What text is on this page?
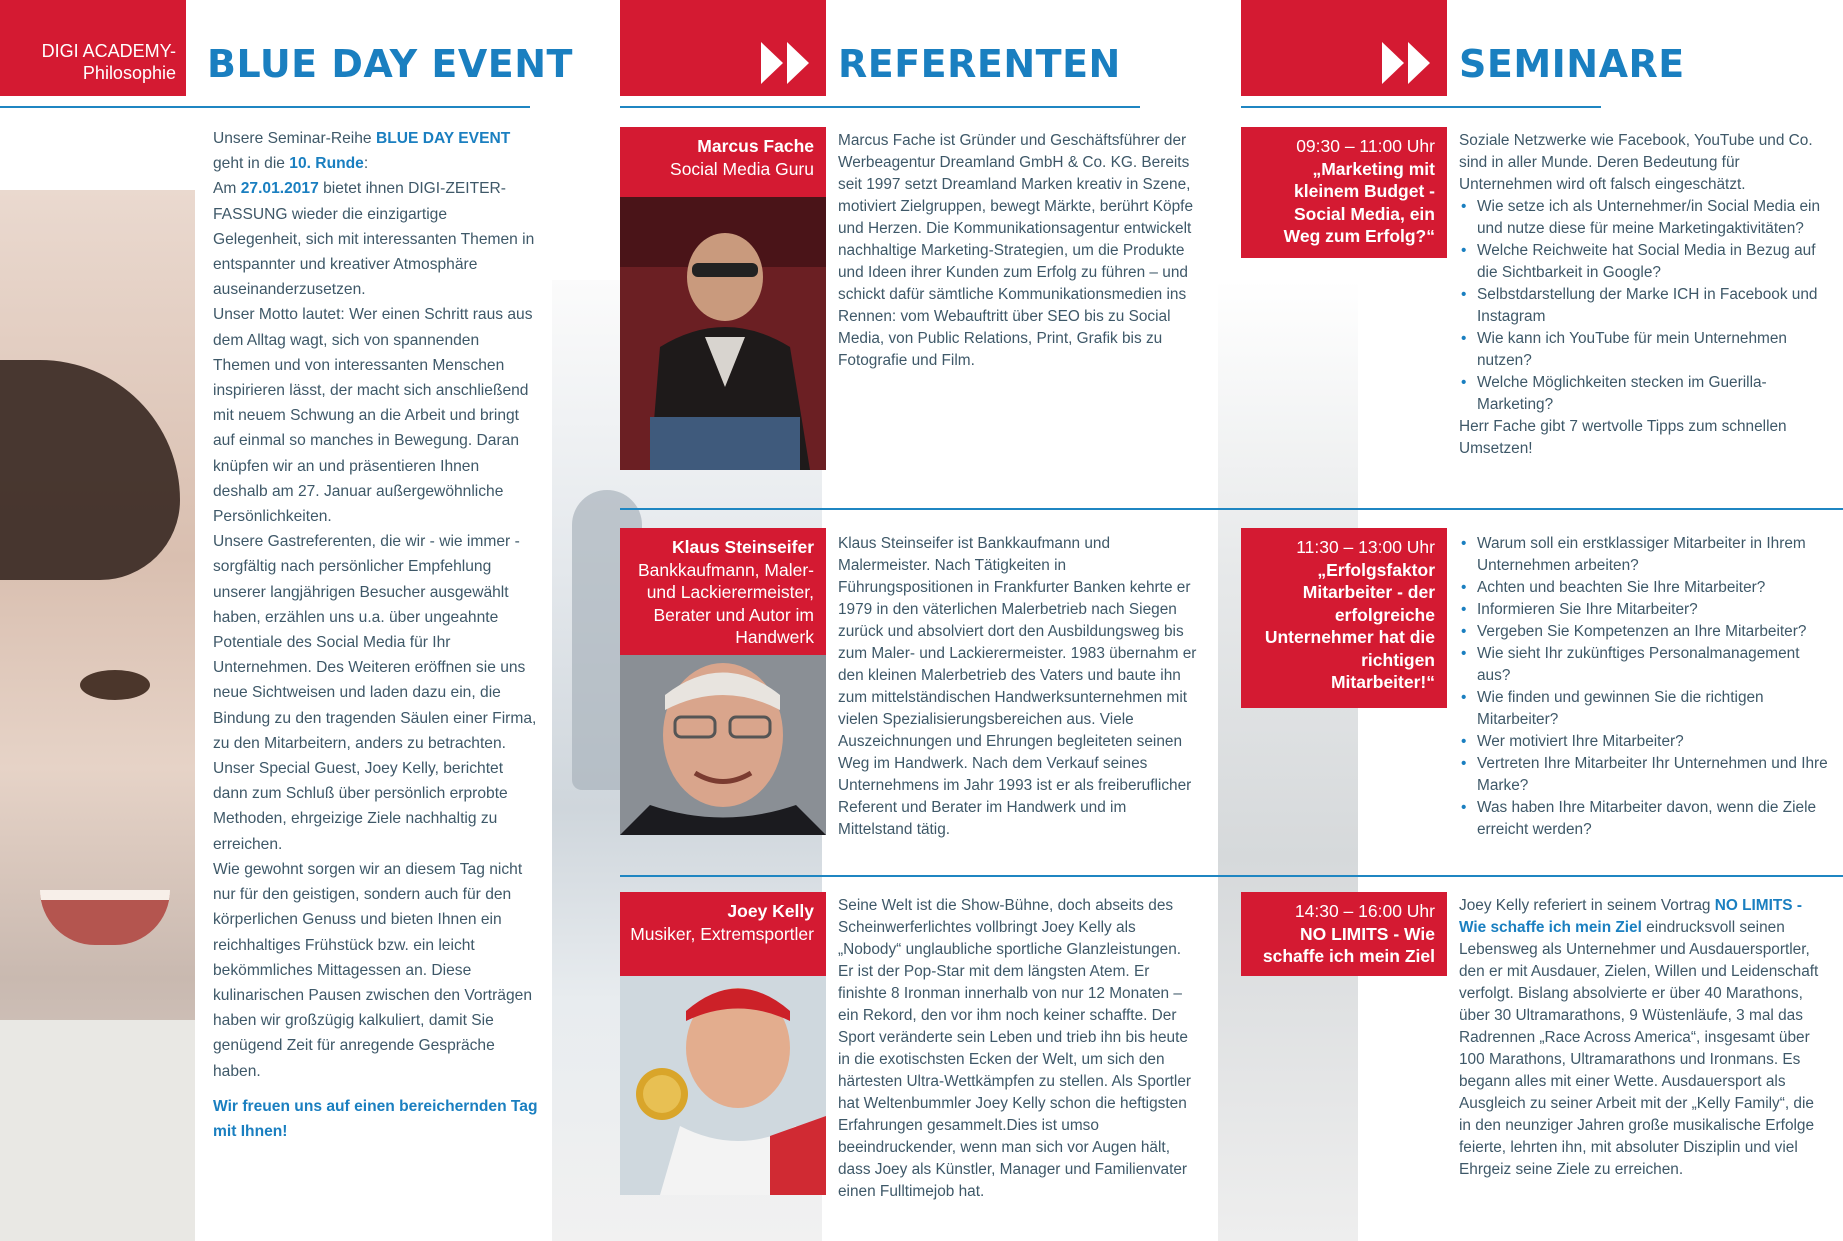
DIGI ACADEMY-
Philosophie BLUE DAY EVENT
Unsere Seminar-Reihe BLUE DAY EVENT geht in die 10. Runde:
Am 27.01.2017 bietet ihnen DIGI-ZEITER-FASSUNG wieder die einzigartige Gelegenheit, sich mit interessanten Themen in entspannter und kreativer Atmosphäre auseinanderzusetzen.
Unser Motto lautet: Wer einen Schritt raus aus dem Alltag wagt, sich von spannenden Themen und von interessanten Menschen inspirieren lässt, der macht sich anschließend mit neuem Schwung an die Arbeit und bringt auf einmal so manches in Bewegung. Daran knüpfen wir an und präsentieren Ihnen deshalb am 27. Januar außergewöhnliche Persönlichkeiten.
Unsere Gastreferenten, die wir - wie immer - sorgfältig nach persönlicher Empfehlung unserer langjährigen Besucher ausgewählt haben, erzählen uns u.a. über ungeahnte Potentiale des Social Media für Ihr Unternehmen. Des Weiteren eröffnen sie uns neue Sichtweisen und laden dazu ein, die Bindung zu den tragenden Säulen einer Firma, zu den Mitarbeitern, anders zu betrachten. Unser Special Guest, Joey Kelly, berichtet dann zum Schluß über persönlich erprobte Methoden, ehrgeizige Ziele nachhaltig zu erreichen.
Wie gewohnt sorgen wir an diesem Tag nicht nur für den geistigen, sondern auch für den körperlichen Genuss und bieten Ihnen ein reichhaltiges Frühstück bzw. ein leicht bekömmliches Mittagessen an. Diese kulinarischen Pausen zwischen den Vorträgen haben wir großzügig kalkuliert, damit Sie genügend Zeit für anregende Gespräche haben.
Wir freuen uns auf einen bereichernden Tag mit Ihnen!
REFERENTEN
Marcus Fache
Social Media Guru
Marcus Fache ist Gründer und Geschäftsführer der Werbeagentur Dreamland GmbH & Co. KG. Bereits seit 1997 setzt Dreamland Marken kreativ in Szene, motiviert Zielgruppen, bewegt Märkte, berührt Köpfe und Herzen. Die Kommunikationsagentur entwickelt nachhaltige Marketing-Strategien, um die Produkte und Ideen ihrer Kunden zum Erfolg zu führen – und schickt dafür sämtliche Kommunikationsmedien ins Rennen: vom Webauftritt über SEO bis zu Social Media, von Public Relations, Print, Grafik bis zu Fotografie und Film.
Klaus Steinseifer
Bankkaufmann, Maler- und Lackierermeister, Berater und Autor im Handwerk
Klaus Steinseifer ist Bankkaufmann und Malermeister. Nach Tätigkeiten in Führungspositionen in Frankfurter Banken kehrte er 1979 in den väterlichen Malerbetrieb nach Siegen zurück und absolviert dort den Ausbildungsweg bis zum Maler- und Lackierermeister. 1983 übernahm er den kleinen Malerbetrieb des Vaters und baute ihn zum mittelständischen Handwerksunternehmen mit vielen Spezialisierungsbereichen aus. Viele Auszeichnungen und Ehrungen begleiteten seinen Weg im Handwerk. Nach dem Verkauf seines Unternehmens im Jahr 1993 ist er als freiberuflicher Referent und Berater im Handwerk und im Mittelstand tätig.
Joey Kelly
Musiker, Extremsportler
Seine Welt ist die Show-Bühne, doch abseits des Scheinwerferlichtes vollbringt Joey Kelly als „Nobody“ unglaubliche sportliche Glanzleistungen. Er ist der Pop-Star mit dem längsten Atem. Er finishte 8 Ironman innerhalb von nur 12 Monaten – ein Rekord, den vor ihm noch keiner schaffte. Der Sport veränderte sein Leben und trieb ihn bis heute in die exotischsten Ecken der Welt, um sich den härtesten Ultra-Wettkämpfen zu stellen. Als Sportler hat Weltenbummler Joey Kelly schon die heftigsten Erfahrungen gesammelt.Dies ist umso beeindruckender, wenn man sich vor Augen hält, dass Joey als Künstler, Manager und Familienvater einen Fulltimejob hat.
SEMINARE
09:30 – 11:00 Uhr
„Marketing mit kleinem Budget - Social Media, ein Weg zum Erfolg?“
Soziale Netzwerke wie Facebook, YouTube und Co. sind in aller Munde. Deren Bedeutung für Unternehmen wird oft falsch eingeschätzt.
• Wie setze ich als Unternehmer/in Social Media ein und nutze diese für meine Marketingaktivitäten?
• Welche Reichweite hat Social Media in Bezug auf die Sichtbarkeit in Google?
• Selbstdarstellung der Marke ICH in Facebook und Instagram
• Wie kann ich YouTube für mein Unternehmen nutzen?
• Welche Möglichkeiten stecken im Guerilla-Marketing?
Herr Fache gibt 7 wertvolle Tipps zum schnellen Umsetzen!
11:30 – 13:00 Uhr
„Erfolgsfaktor Mitarbeiter - der erfolgreiche Unternehmer hat die richtigen Mitarbeiter!“
• Warum soll ein erstklassiger Mitarbeiter in Ihrem Unternehmen arbeiten?
• Achten und beachten Sie Ihre Mitarbeiter?
• Informieren Sie Ihre Mitarbeiter?
• Vergeben Sie Kompetenzen an Ihre Mitarbeiter?
• Wie sieht Ihr zukünftiges Personalmanagement aus?
• Wie finden und gewinnen Sie die richtigen Mitarbeiter?
• Wer motiviert Ihre Mitarbeiter?
• Vertreten Ihre Mitarbeiter Ihr Unternehmen und Ihre Marke?
• Was haben Ihre Mitarbeiter davon, wenn die Ziele erreicht werden?
14:30 – 16:00 Uhr
NO LIMITS - Wie schaffe ich mein Ziel
Joey Kelly referiert in seinem Vortrag NO LIMITS - Wie schaffe ich mein Ziel eindrucksvoll seinen Lebensweg als Unternehmer und Ausdauersportler, den er mit Ausdauer, Zielen, Willen und Leidenschaft verfolgt. Bislang absolvierte er über 40 Marathons, über 30 Ultramarathons, 9 Wüstenläufe, 3 mal das Radrennen „Race Across America“, insgesamt über 100 Marathons, Ultramarathons und Ironmans. Es begann alles mit einer Wette. Ausdauersport als Ausgleich zu seiner Arbeit mit der „Kelly Family“, die in den neunziger Jahren große musikalische Erfolge feierte, lehrten ihn, mit absoluter Disziplin und viel Ehrgeiz seine Ziele zu erreichen.
